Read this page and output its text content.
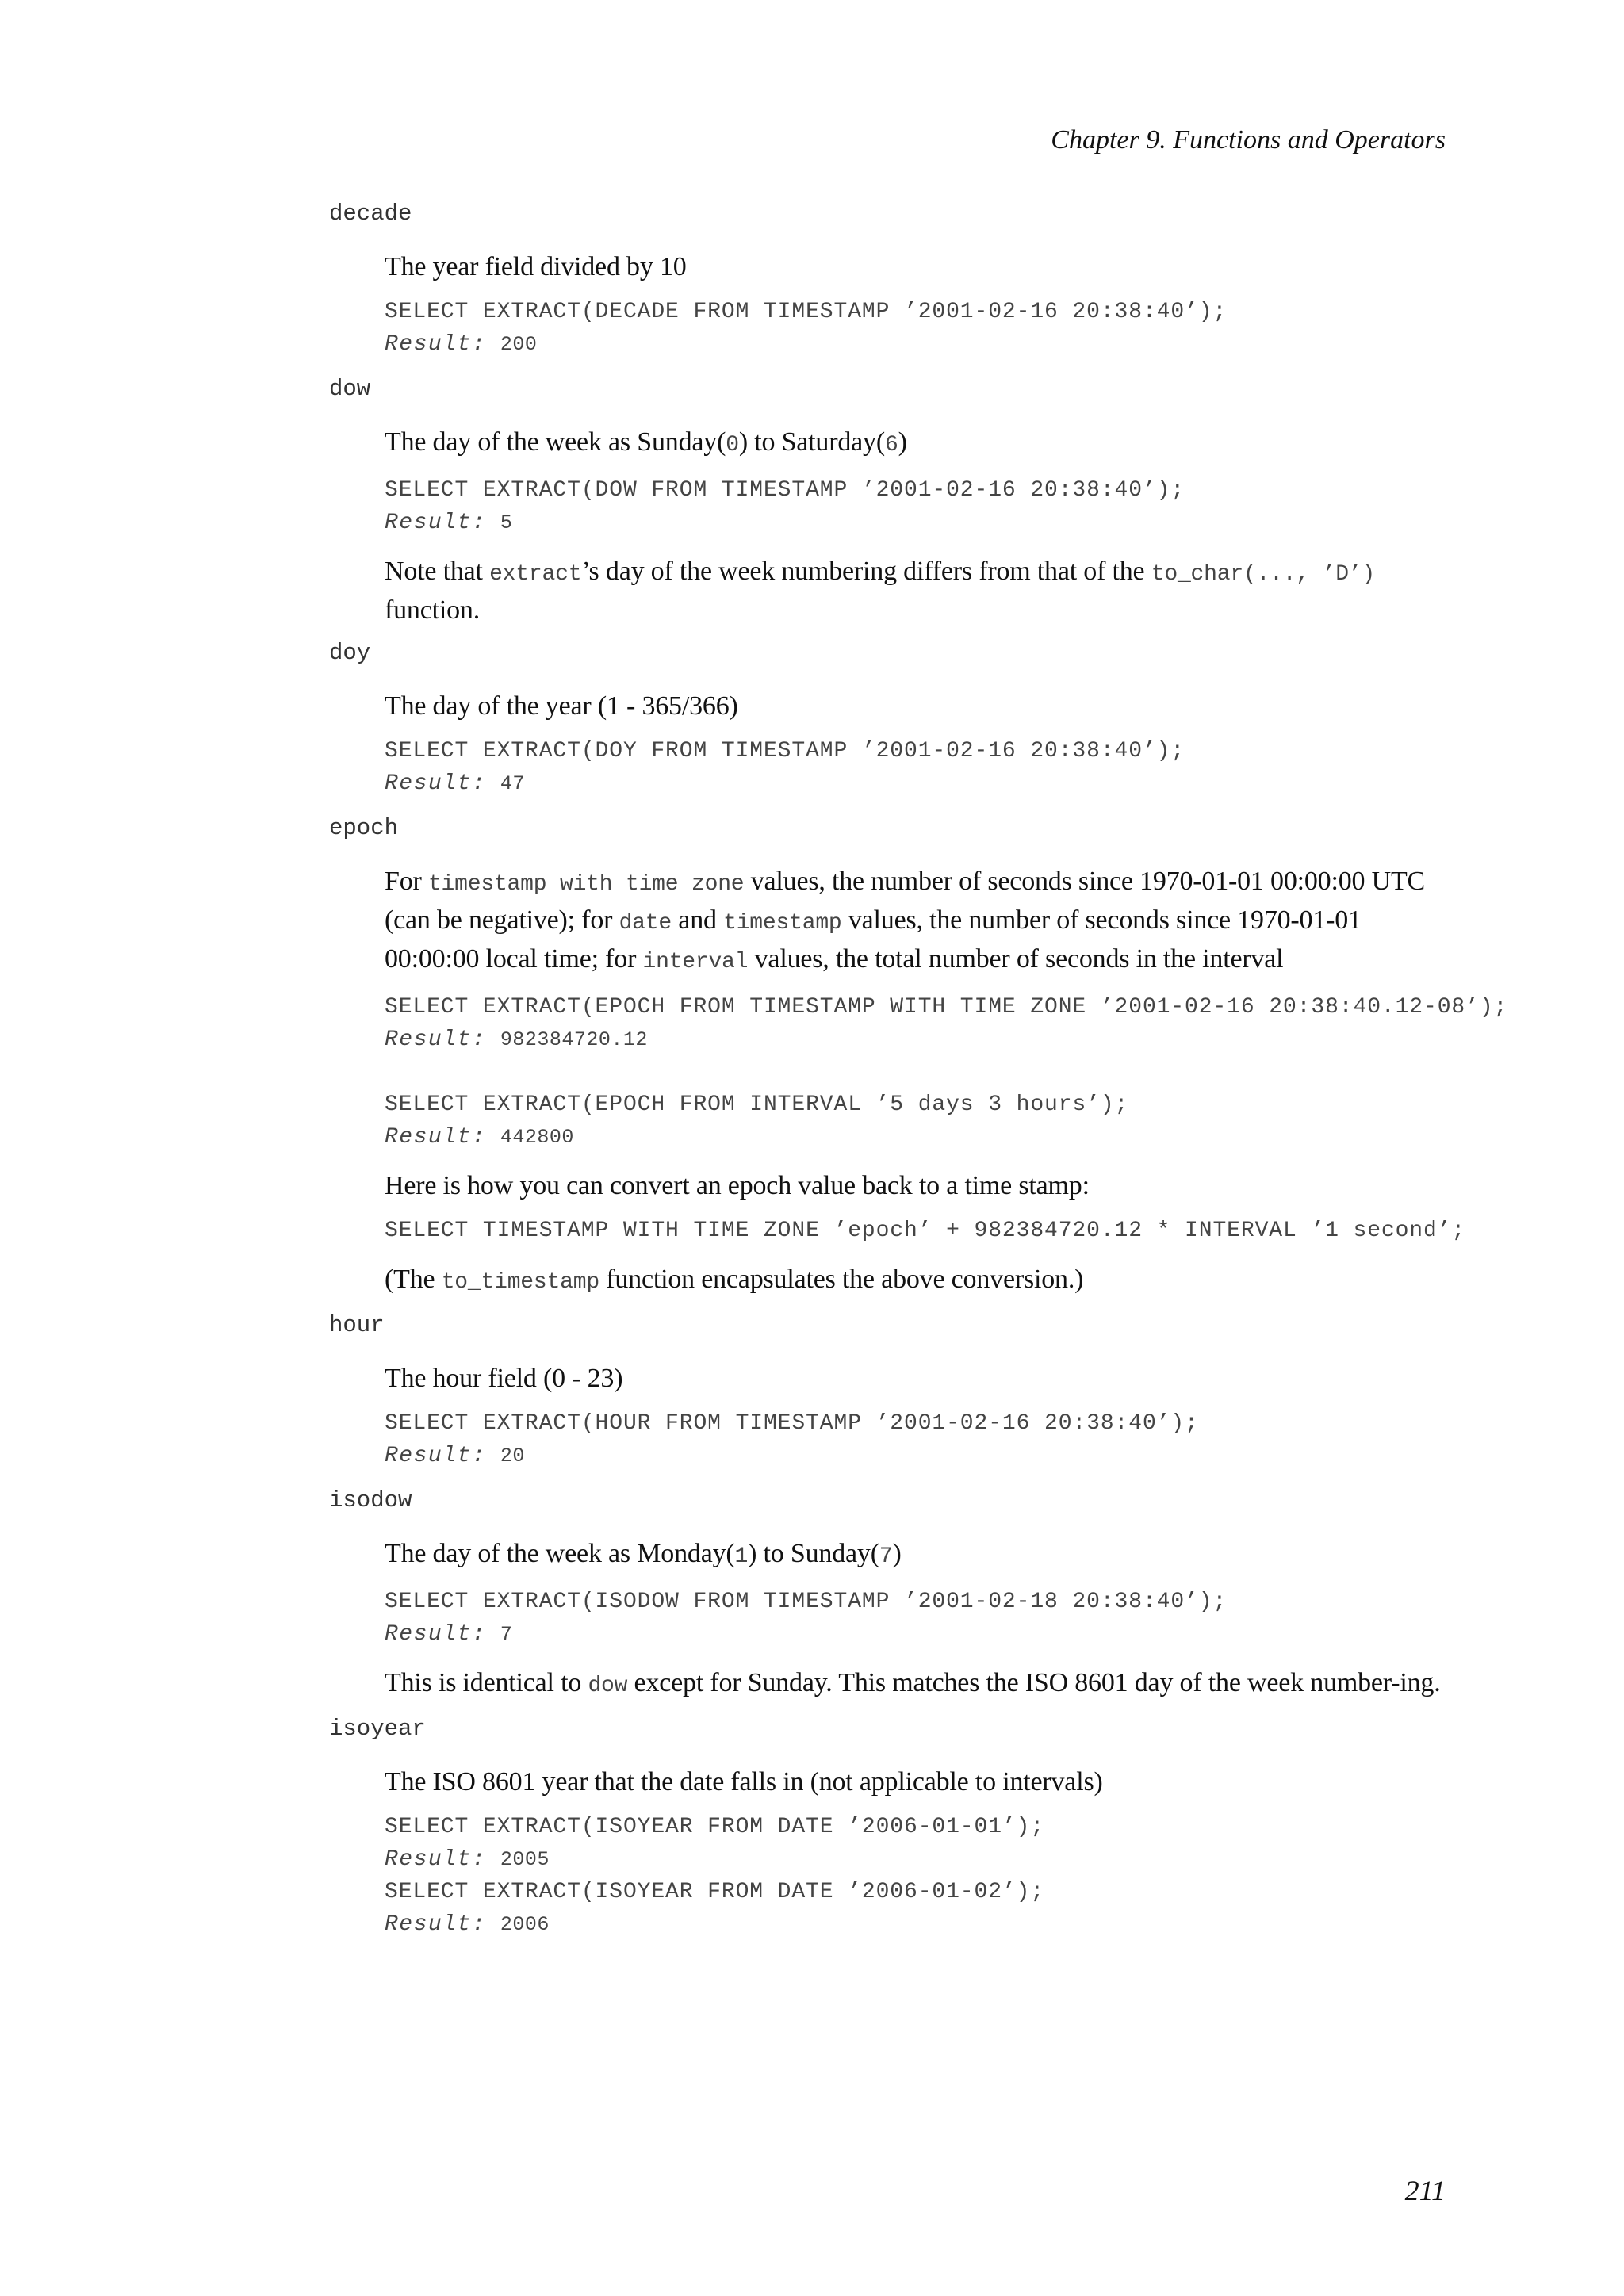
Chapter 9. Functions and Operators
decade

The year field divided by 10

SELECT EXTRACT(DECADE FROM TIMESTAMP ’2001-02-16 20:38:40’);
Result: 200
dow

The day of the week as Sunday(0) to Saturday(6)

SELECT EXTRACT(DOW FROM TIMESTAMP ’2001-02-16 20:38:40’);
Result: 5

Note that extract’s day of the week numbering differs from that of the to_char(..., ’D’) function.

doy

The day of the year (1 - 365/366)

SELECT EXTRACT(DOY FROM TIMESTAMP ’2001-02-16 20:38:40’);
Result: 47
epoch

For timestamp with time zone values, the number of seconds since 1970-01-01 00:00:00 UTC (can be negative); for date and timestamp values, the number of seconds since 1970-01-01 00:00:00 local time; for interval values, the total number of seconds in the interval

SELECT EXTRACT(EPOCH FROM TIMESTAMP WITH TIME ZONE ’2001-02-16 20:38:40.12-08’);
Result: 982384720.12

SELECT EXTRACT(EPOCH FROM INTERVAL ’5 days 3 hours’);
Result: 442800

Here is how you can convert an epoch value back to a time stamp:

SELECT TIMESTAMP WITH TIME ZONE ’epoch’ + 982384720.12 * INTERVAL ’1 second’;

(The to_timestamp function encapsulates the above conversion.)

hour

The hour field (0 - 23)

SELECT EXTRACT(HOUR FROM TIMESTAMP ’2001-02-16 20:38:40’);
Result: 20
isodow

The day of the week as Monday(1) to Sunday(7)

SELECT EXTRACT(ISODOW FROM TIMESTAMP ’2001-02-18 20:38:40’);
Result: 7

This is identical to dow except for Sunday. This matches the ISO 8601 day of the week number-ing.

isoyear

The ISO 8601 year that the date falls in (not applicable to intervals)

SELECT EXTRACT(ISOYEAR FROM DATE ’2006-01-01’);
Result: 2005
SELECT EXTRACT(ISOYEAR FROM DATE ’2006-01-02’);
Result: 2006
211
